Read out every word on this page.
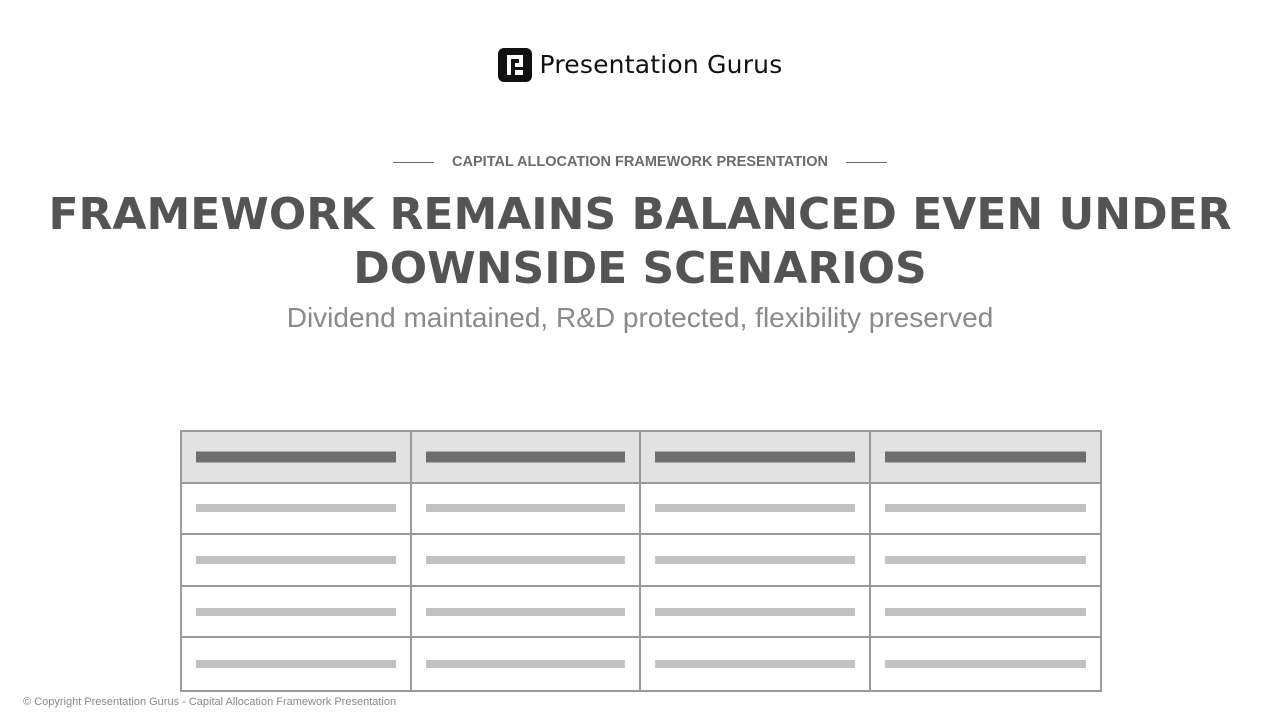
Presentation Gurus
CAPITAL ALLOCATION FRAMEWORK PRESENTATION
FRAMEWORK REMAINS BALANCED EVEN UNDER
DOWNSIDE SCENARIOS
Dividend maintained, R&D protected, flexibility preserved
© Copyright Presentation Gurus - Capital Allocation Framework Presentation
